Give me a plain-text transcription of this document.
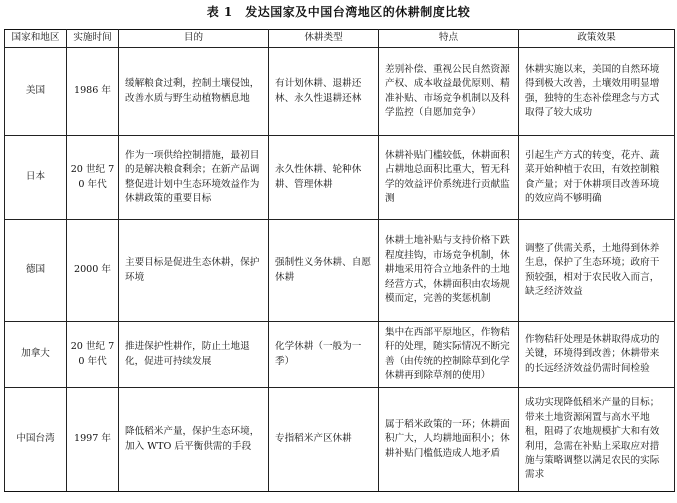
表 1　发达国家及中国台湾地区的休耕制度比较
国家和地区	实施时间	目的	休耕类型	特点	政策效果
美国	1986 年	缓解粮食过剩，控制土壤侵蚀，改善水质与野生动植物栖息地	有计划休耕、退耕还林、永久性退耕还林	差别补偿、重视公民自然资源产权、成本收益最优原则、精准补贴、市场竞争机制以及科学监控（自愿加竞争）	休耕实施以来，美国的自然环境得到极大改善，土壤效用明显增强，独特的生态补偿理念与方式取得了较大成功
日本	20 世纪 70 年代	作为一项供给控制措施，最初目的是解决粮食剩余；在新产品调整促进计划中生态环境效益作为休耕政策的重要目标	永久性休耕、轮种休耕、管理休耕	休耕补贴门槛较低，休耕面积占耕地总面积比重大，暂无科学的效益评价系统进行贡献监测	引起生产方式的转变，花卉、蔬菜开始种植于农田，有效控制粮食产量；对于休耕项目改善环境的效应尚不够明确
德国	2000 年	主要目标是促进生态休耕，保护环境	强制性义务休耕、自愿休耕	休耕土地补贴与支持价格下跌程度挂钩，市场竞争机制，休耕地采用符合立地条件的土地经营方式，休耕面积由农场规模而定，完善的奖惩机制	调整了供需关系，土地得到休养生息，保护了生态环境；政府干预较强，相对于农民收入而言，缺乏经济效益
加拿大	20 世纪 70 年代	推进保护性耕作，防止土地退化，促进可持续发展	化学休耕（一般为一季）	集中在西部平原地区，作物秸秆的处理，随实际情况不断完善（由传统的控制除草到化学休耕再到除草剂的使用）	作物秸秆处理是休耕取得成功的关键，环境得到改善；休耕带来的长远经济效益仍需时间检验
中国台湾	1997 年	降低稻米产量，保护生态环境，加入 WTO 后平衡供需的手段	专指稻米产区休耕	属于稻米政策的一环；休耕面积广大，人均耕地面积小；休耕补贴门槛低造成人地矛盾	成功实现降低稻米产量的目标；带来土地资源闲置与高水平地租，阻碍了农地规模扩大和有效利用，急需在补贴上采取应对措施与策略调整以满足农民的实际需求
